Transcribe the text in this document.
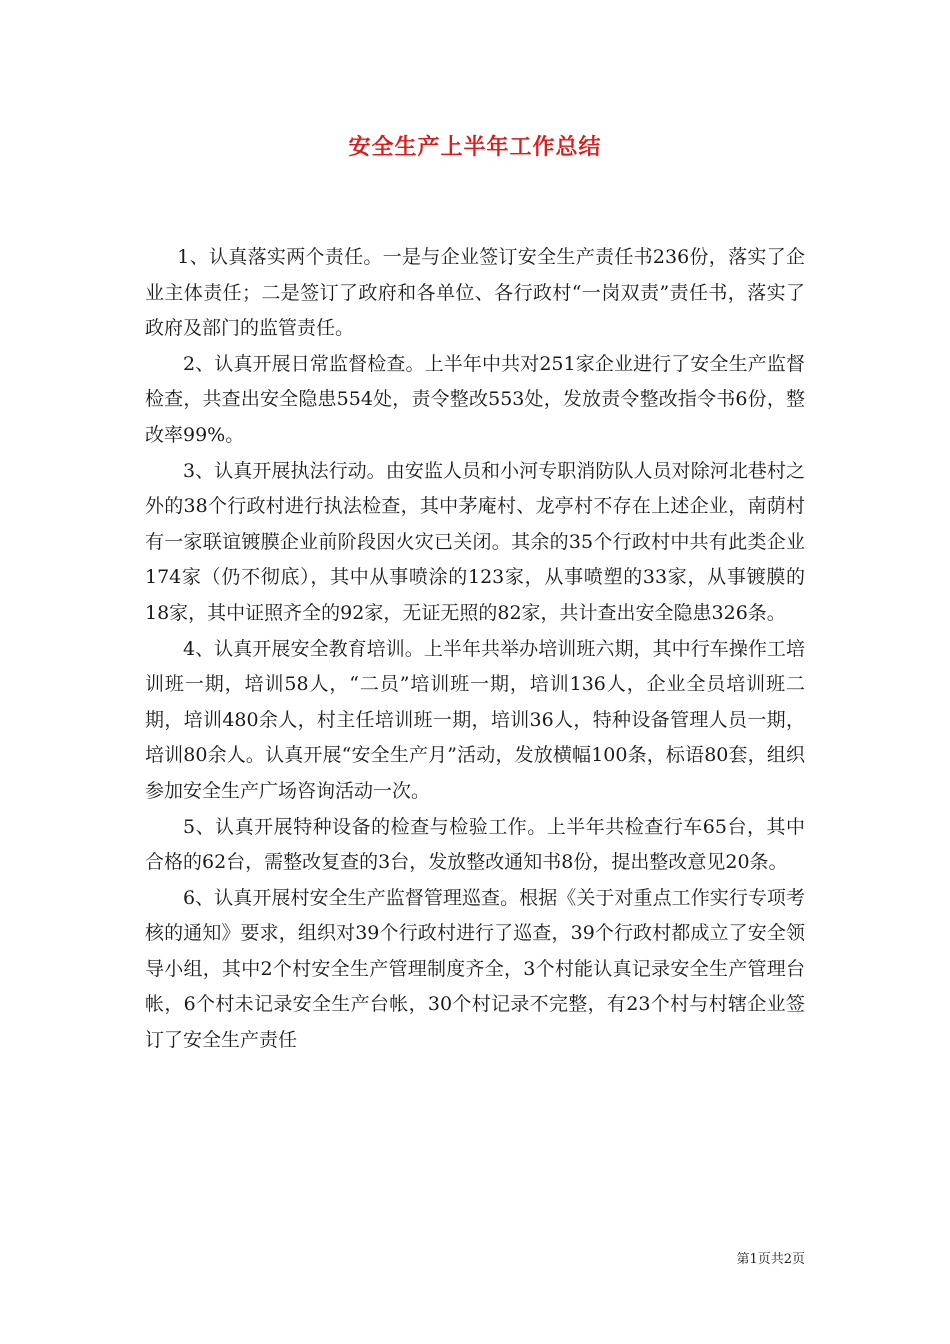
安全生产上半年工作总结

1、认真落实两个责任。一是与企业签订安全生产责任书236份，落实了企业主体责任；二是签订了政府和各单位、各行政村“一岗双责”责任书，落实了政府及部门的监管责任。

2、认真开展日常监督检查。上半年中共对251家企业进行了安全生产监督检查，共查出安全隐患554处，责令整改553处，发放责令整改指令书6份，整改率99%。

3、认真开展执法行动。由安监人员和小河专职消防队人员对除河北巷村之外的38个行政村进行执法检查，其中茅庵村、龙亭村不存在上述企业，南荫村有一家联谊镀膜企业前阶段因火灾已关闭。其余的35个行政村中共有此类企业174家（仍不彻底），其中从事喷涂的123家，从事喷塑的33家，从事镀膜的18家，其中证照齐全的92家，无证无照的82家，共计查出安全隐患326条。

4、认真开展安全教育培训。上半年共举办培训班六期，其中行车操作工培训班一期，培训58人，“二员”培训班一期，培训136人，企业全员培训班二期，培训480余人，村主任培训班一期，培训36人，特种设备管理人员一期，培训80余人。认真开展“安全生产月”活动，发放横幅100条，标语80套，组织参加安全生产广场咨询活动一次。

5、认真开展特种设备的检查与检验工作。上半年共检查行车65台，其中合格的62台，需整改复查的3台，发放整改通知书8份，提出整改意见20条。

6、认真开展村安全生产监督管理巡查。根据《关于对重点工作实行专项考核的通知》要求，组织对39个行政村进行了巡查，39个行政村都成立了安全领导小组，其中2个村安全生产管理制度齐全，3个村能认真记录安全生产管理台帐，6个村未记录安全生产台帐，30个村记录不完整，有23个村与村辖企业签订了安全生产责任

第1页共2页
